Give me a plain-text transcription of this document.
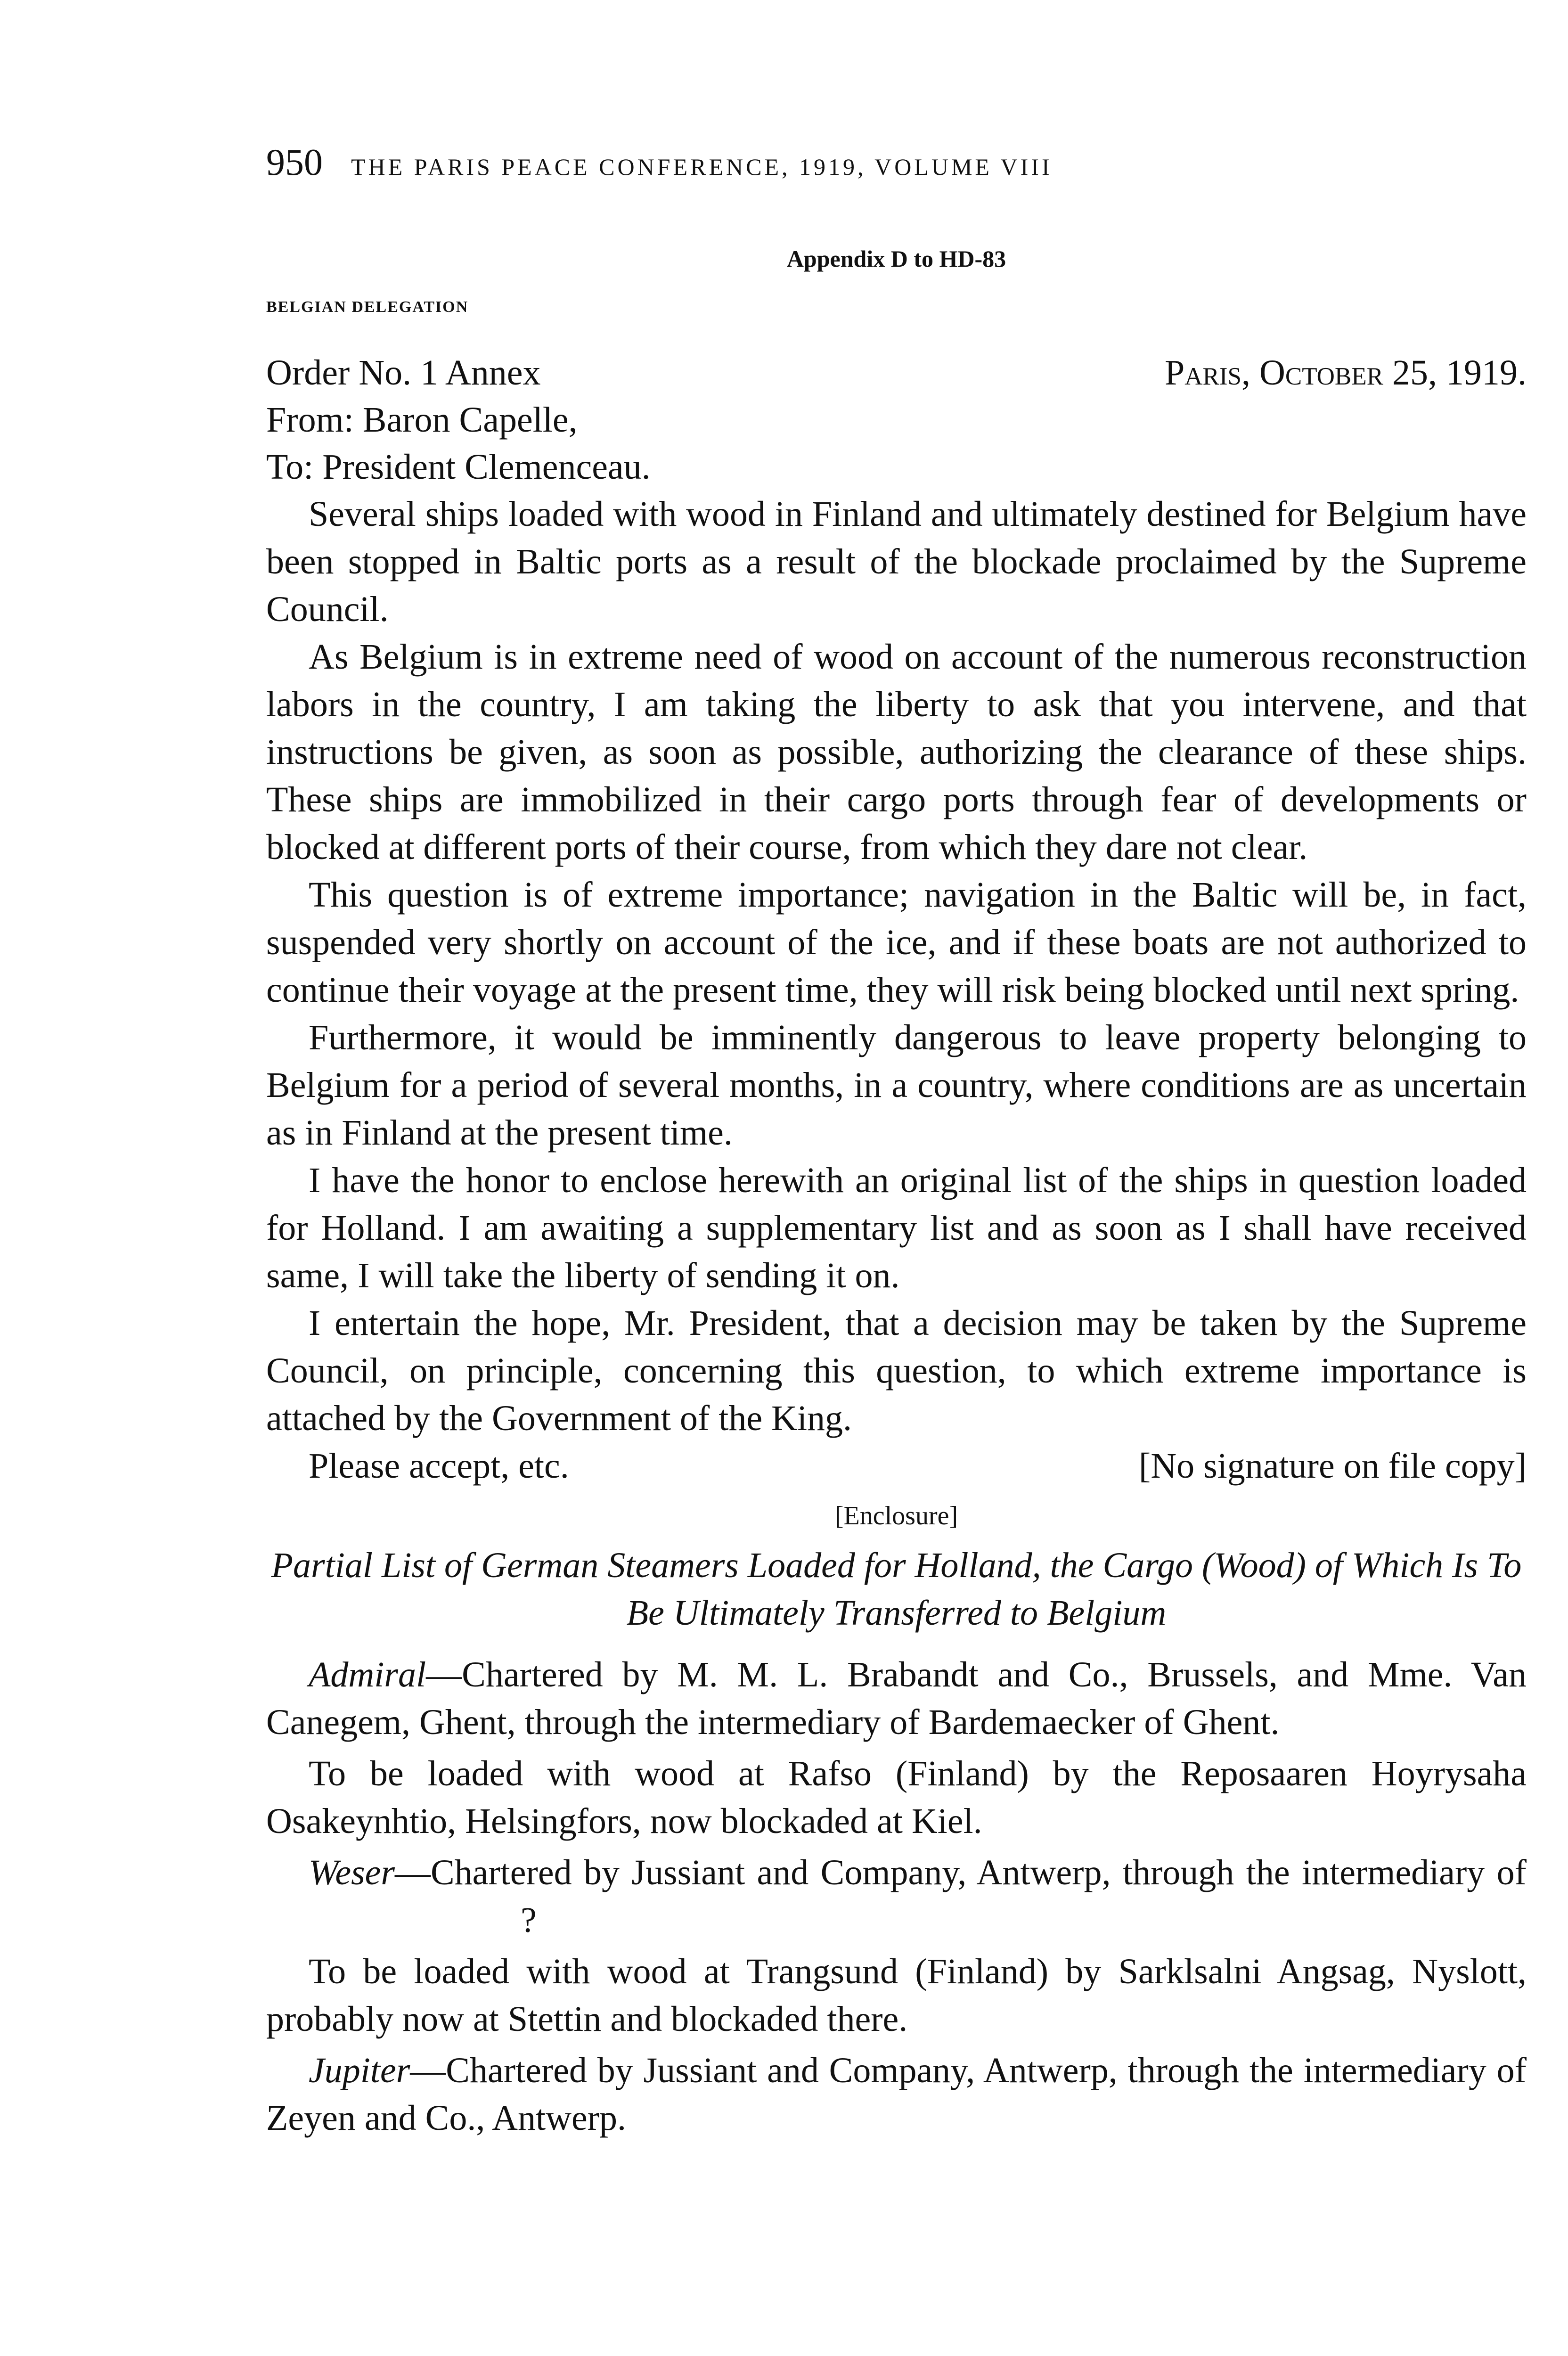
950 THE PARIS PEACE CONFERENCE, 1919, VOLUME VIII
Appendix D to HD-83
BELGIAN DELEGATION
Order No. 1 Annex	Paris, October 25, 1919.
From: Baron Capelle,
To: President Clemenceau.

Several ships loaded with wood in Finland and ultimately destined for Belgium have been stopped in Baltic ports as a result of the blockade proclaimed by the Supreme Council.

As Belgium is in extreme need of wood on account of the numerous reconstruction labors in the country, I am taking the liberty to ask that you intervene, and that instructions be given, as soon as possible, authorizing the clearance of these ships. These ships are immobilized in their cargo ports through fear of developments or blocked at different ports of their course, from which they dare not clear.

This question is of extreme importance; navigation in the Baltic will be, in fact, suspended very shortly on account of the ice, and if these boats are not authorized to continue their voyage at the present time, they will risk being blocked until next spring.

Furthermore, it would be imminently dangerous to leave property belonging to Belgium for a period of several months, in a country, where conditions are as uncertain as in Finland at the present time.

I have the honor to enclose herewith an original list of the ships in question loaded for Holland. I am awaiting a supplementary list and as soon as I shall have received same, I will take the liberty of sending it on.

I entertain the hope, Mr. President, that a decision may be taken by the Supreme Council, on principle, concerning this question, to which extreme importance is attached by the Government of the King.

Please accept, etc.	[No signature on file copy]
[Enclosure]
Partial List of German Steamers Loaded for Holland, the Cargo (Wood) of Which Is To Be Ultimately Transferred to Belgium

Admiral—Chartered by M. M. L. Brabandt and Co., Brussels, and Mme. Van Canegem, Ghent, through the intermediary of Bardemaecker of Ghent.

To be loaded with wood at Rafso (Finland) by the Reposaaren Hoyrysaha Osakeynhtio, Helsingfors, now blockaded at Kiel.

Weser—Chartered by Jussiant and Company, Antwerp, through the intermediary of?

To be loaded with wood at Trangsund (Finland) by Sarklsalni Angsag, Nyslott, probably now at Stettin and blockaded there.

Jupiter—Chartered by Jussiant and Company, Antwerp, through the intermediary of Zeyen and Co., Antwerp.
